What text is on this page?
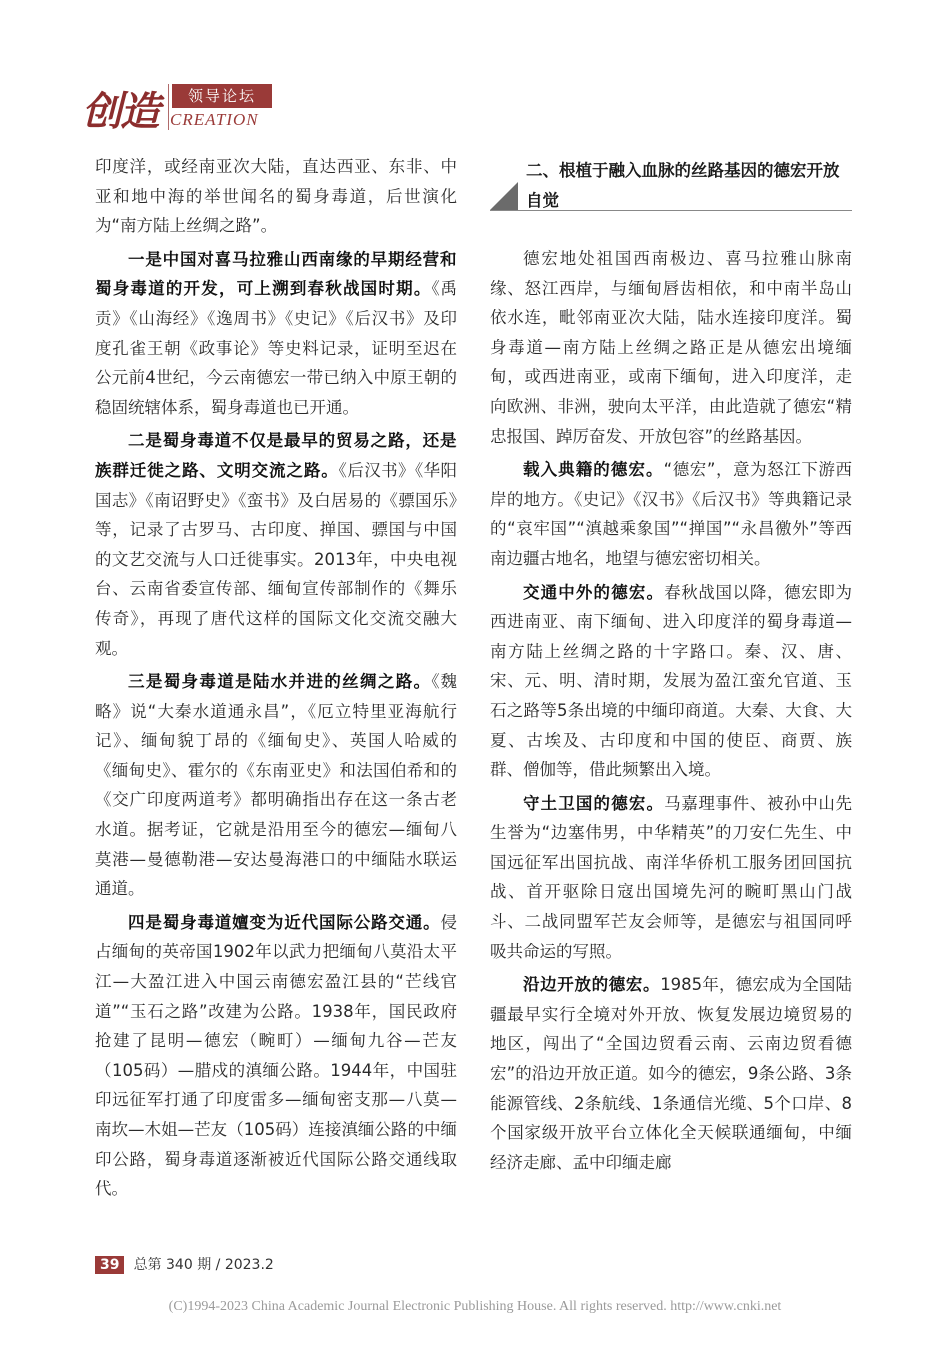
创造	领导论坛
CREATION

印度洋，或经南亚次大陆，直达西亚、东非、中亚和地中海的举世闻名的蜀身毒道，后世演化为“南方陆上丝绸之路”。

一是中国对喜马拉雅山西南缘的早期经营和蜀身毒道的开发，可上溯到春秋战国时期。《禹贡》《山海经》《逸周书》《史记》《后汉书》及印度孔雀王朝《政事论》等史料记录，证明至迟在公元前4世纪，今云南德宏一带已纳入中原王朝的稳固统辖体系，蜀身毒道也已开通。

二是蜀身毒道不仅是最早的贸易之路，还是族群迁徙之路、文明交流之路。《后汉书》《华阳国志》《南诏野史》《蛮书》及白居易的《骠国乐》等，记录了古罗马、古印度、掸国、骠国与中国的文艺交流与人口迁徙事实。2013年，中央电视台、云南省委宣传部、缅甸宣传部制作的《舞乐传奇》，再现了唐代这样的国际文化交流交融大观。

三是蜀身毒道是陆水并进的丝绸之路。《魏略》说“大秦水道通永昌”，《厄立特里亚海航行记》、缅甸貌丁昂的《缅甸史》、英国人哈威的《缅甸史》、霍尔的《东南亚史》和法国伯希和的《交广印度两道考》都明确指出存在这一条古老水道。据考证，它就是沿用至今的德宏—缅甸八莫港—曼德勒港—安达曼海港口的中缅陆水联运通道。

四是蜀身毒道嬗变为近代国际公路交通。侵占缅甸的英帝国1902年以武力把缅甸八莫沿太平江—大盈江进入中国云南德宏盈江县的“芒线官道”“玉石之路”改建为公路。1938年，国民政府抢建了昆明—德宏（畹町）—缅甸九谷—芒友（105码）—腊戍的滇缅公路。1944年，中国驻印远征军打通了印度雷多—缅甸密支那—八莫—南坎—木姐—芒友（105码）连接滇缅公路的中缅印公路，蜀身毒道逐渐被近代国际公路交通线取代。

二、根植于融入血脉的丝路基因的德宏开放自觉

德宏地处祖国西南极边、喜马拉雅山脉南缘、怒江西岸，与缅甸唇齿相依，和中南半岛山依水连，毗邻南亚次大陆，陆水连接印度洋。蜀身毒道—南方陆上丝绸之路正是从德宏出境缅甸，或西进南亚，或南下缅甸，进入印度洋，走向欧洲、非洲，驶向太平洋，由此造就了德宏“精忠报国、踔厉奋发、开放包容”的丝路基因。

载入典籍的德宏。“德宏”，意为怒江下游西岸的地方。《史记》《汉书》《后汉书》等典籍记录的“哀牢国”“滇越乘象国”“掸国”“永昌徼外”等西南边疆古地名，地望与德宏密切相关。

交通中外的德宏。春秋战国以降，德宏即为西进南亚、南下缅甸、进入印度洋的蜀身毒道—南方陆上丝绸之路的十字路口。秦、汉、唐、宋、元、明、清时期，发展为盈江蛮允官道、玉石之路等5条出境的中缅印商道。大秦、大食、大夏、古埃及、古印度和中国的使臣、商贾、族群、僧伽等，借此频繁出入境。

守土卫国的德宏。马嘉理事件、被孙中山先生誉为“边塞伟男，中华精英”的刀安仁先生、中国远征军出国抗战、南洋华侨机工服务团回国抗战、首开驱除日寇出国境先河的畹町黑山门战斗、二战同盟军芒友会师等，是德宏与祖国同呼吸共命运的写照。

沿边开放的德宏。1985年，德宏成为全国陆疆最早实行全境对外开放、恢复发展边境贸易的地区，闯出了“全国边贸看云南、云南边贸看德宏”的沿边开放正道。如今的德宏，9条公路、3条能源管线、2条航线、1条通信光缆、5个口岸、8个国家级开放平台立体化全天候联通缅甸，中缅经济走廊、孟中印缅走廊

39 总第 340 期 / 2023.2
(C)1994-2023 China Academic Journal Electronic Publishing House. All rights reserved. http://www.cnki.net
